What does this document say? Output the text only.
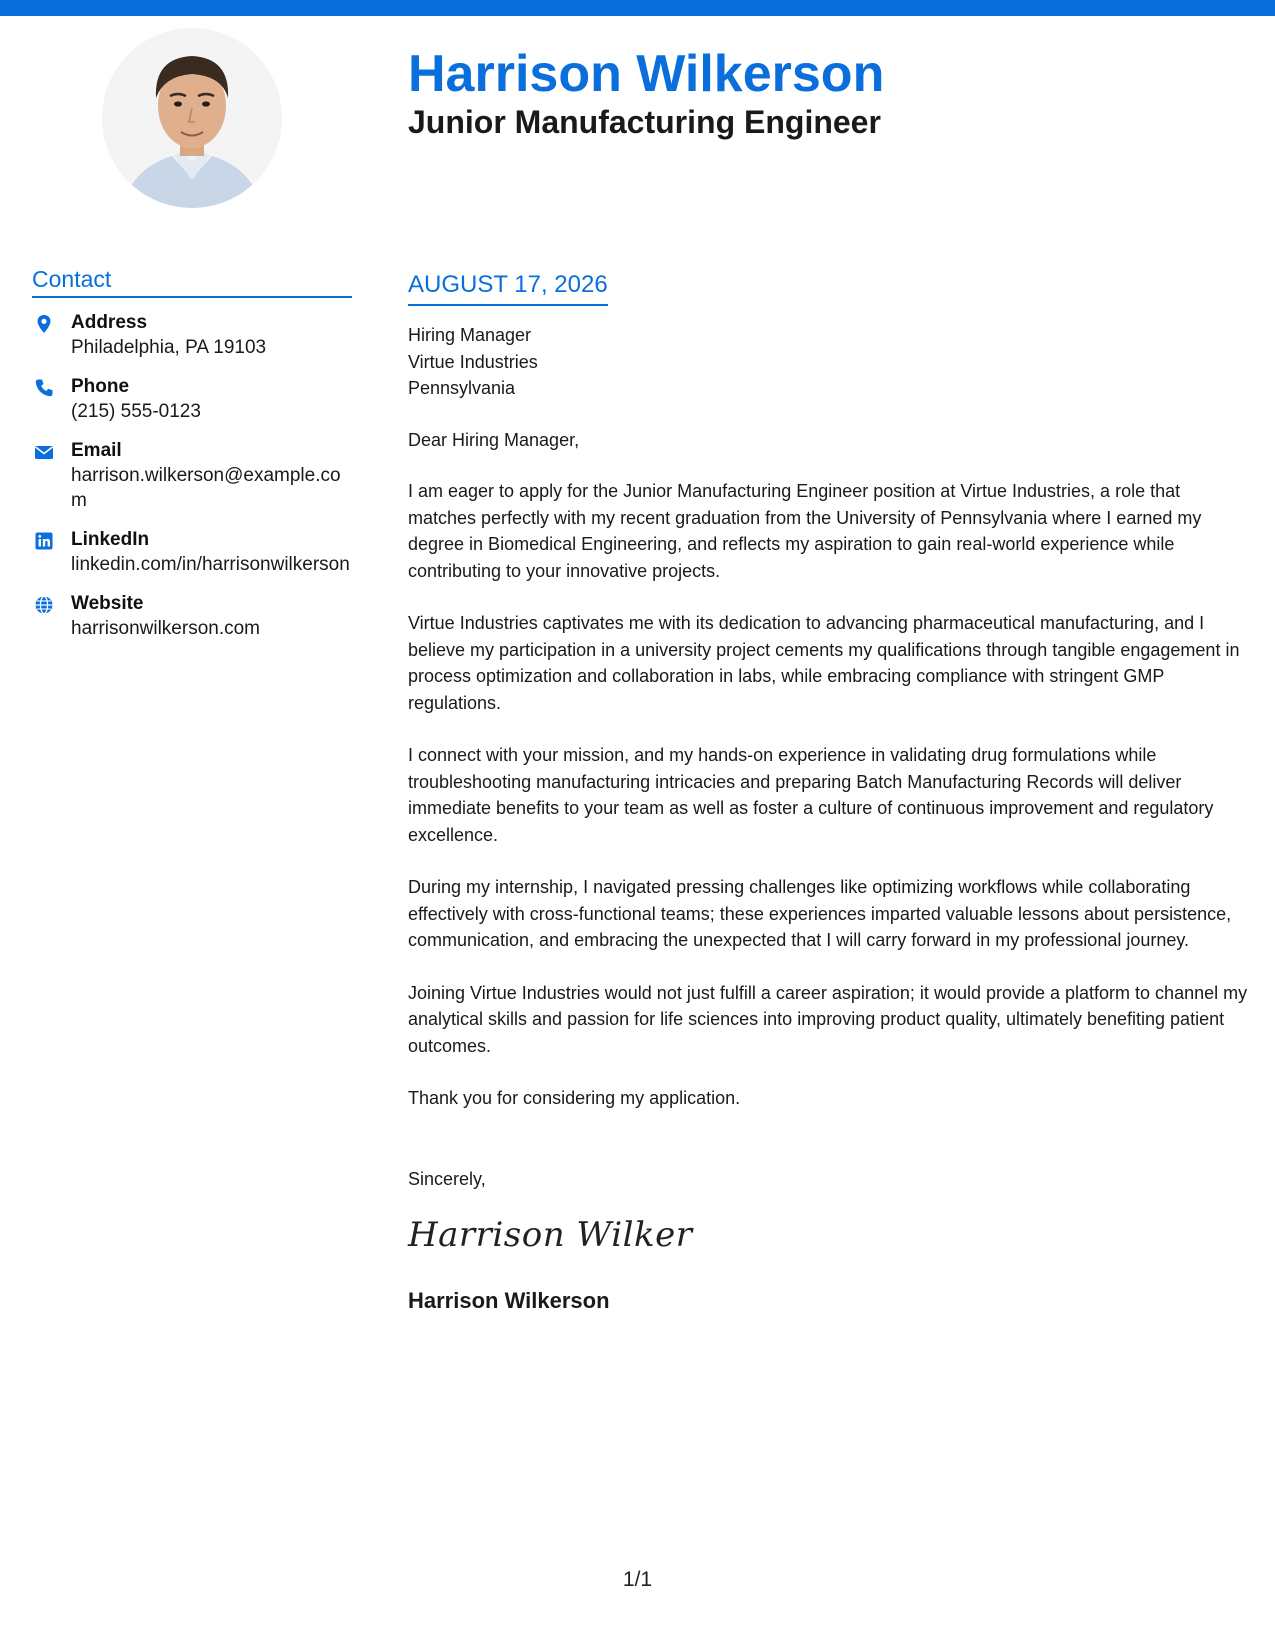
Harrison Wilkerson
Junior Manufacturing Engineer
Contact
Address
Philadelphia, PA 19103
Phone
(215) 555-0123
Email
harrison.wilkerson@example.com
LinkedIn
linkedin.com/in/harrisonwilkerson
Website
harrisonwilkerson.com
AUGUST 17, 2026

Hiring Manager

Virtue Industries

Pennsylvania

Dear Hiring Manager,

I am eager to apply for the Junior Manufacturing Engineer position at Virtue Industries, a role that matches perfectly with my recent graduation from the University of Pennsylvania where I earned my degree in Biomedical Engineering, and reflects my aspiration to gain real-world experience while contributing to your innovative projects.

Virtue Industries captivates me with its dedication to advancing pharmaceutical manufacturing, and I believe my participation in a university project cements my qualifications through tangible engagement in process optimization and collaboration in labs, while embracing compliance with stringent GMP regulations.

I connect with your mission, and my hands-on experience in validating drug formulations while troubleshooting manufacturing intricacies and preparing Batch Manufacturing Records will deliver immediate benefits to your team as well as foster a culture of continuous improvement and regulatory excellence.

During my internship, I navigated pressing challenges like optimizing workflows while collaborating effectively with cross-functional teams; these experiences imparted valuable lessons about persistence, communication, and embracing the unexpected that I will carry forward in my professional journey.

Joining Virtue Industries would not just fulfill a career aspiration; it would provide a platform to channel my analytical skills and passion for life sciences into improving product quality, ultimately benefiting patient outcomes.

Thank you for considering my application.

Sincerely,

Harrison Wilker
Harrison Wilkerson
1/1
